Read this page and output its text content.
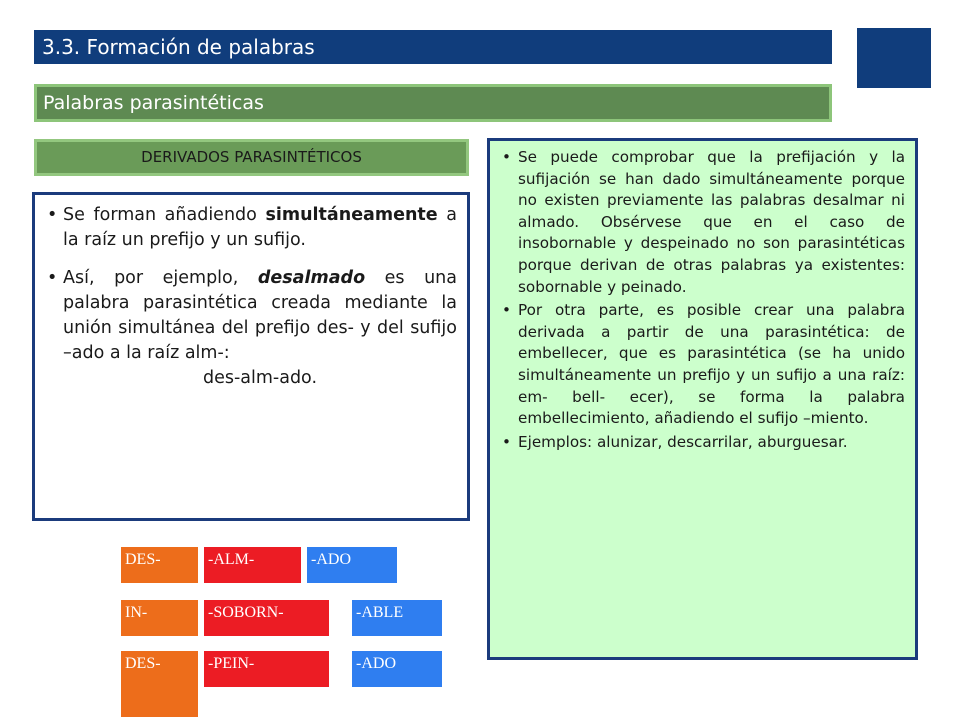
3.3. Formación de palabras
Palabras parasintéticas
DERIVADOS PARASINTÉTICOS
• Se forman añadiendo simultáneamente a la raíz un prefijo y un sufijo.
• Así, por ejemplo, desalmado es una palabra parasintética creada mediante la unión simultánea del prefijo des- y del sufijo –ado a la raíz alm-:
des-alm-ado.
• Se puede comprobar que la prefijación y la sufijación se han dado simultáneamente porque no existen previamente las palabras desalmar ni almado. Obsérvese que en el caso de insobornable y despeinado no son parasintéticas porque derivan de otras palabras ya existentes: sobornable y peinado.
• Por otra parte, es posible crear una palabra derivada a partir de una parasintética: de embellecer, que es parasintética (se ha unido simultáneamente un prefijo y un sufijo a una raíz: em- bell- ecer), se forma la palabra embellecimiento, añadiendo el sufijo –miento.
• Ejemplos: alunizar, descarrilar, aburguesar.
DES-	-ALM-	-ADO
IN-	-SOBORN-	-ABLE
DES-	-PEIN-	-ADO
